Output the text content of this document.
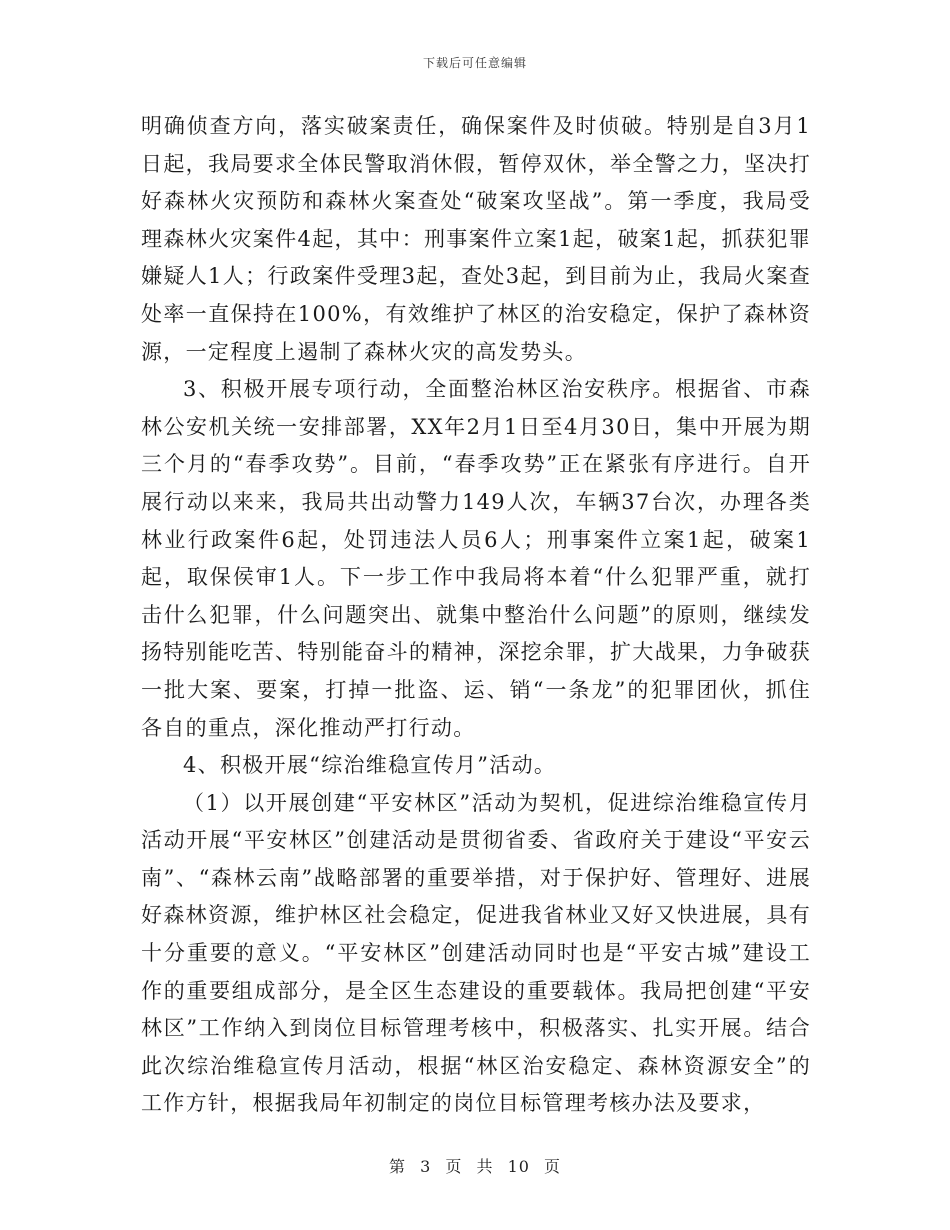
下载后可任意编辑

明确侦查方向，落实破案责任，确保案件及时侦破。特别是自3月1日起，我局要求全体民警取消休假，暂停双休，举全警之力，坚决打好森林火灾预防和森林火案查处“破案攻坚战”。第一季度，我局受理森林火灾案件4起，其中：刑事案件立案1起，破案1起，抓获犯罪嫌疑人1人；行政案件受理3起，查处3起，到目前为止，我局火案查处率一直保持在100%，有效维护了林区的治安稳定，保护了森林资源，一定程度上遏制了森林火灾的高发势头。

3、积极开展专项行动，全面整治林区治安秩序。根据省、市森林公安机关统一安排部署，XX年2月1日至4月30日，集中开展为期三个月的“春季攻势”。目前，“春季攻势”正在紧张有序进行。自开展行动以来来，我局共出动警力149人次，车辆37台次，办理各类林业行政案件6起，处罚违法人员6人；刑事案件立案1起，破案1起，取保侯审1人。下一步工作中我局将本着“什么犯罪严重，就打击什么犯罪，什么问题突出、就集中整治什么问题”的原则，继续发扬特别能吃苦、特别能奋斗的精神，深挖余罪，扩大战果，力争破获一批大案、要案，打掉一批盗、运、销“一条龙”的犯罪团伙，抓住各自的重点，深化推动严打行动。

4、积极开展“综治维稳宣传月”活动。

（1）以开展创建“平安林区”活动为契机，促进综治维稳宣传月活动开展“平安林区”创建活动是贯彻省委、省政府关于建设“平安云南”、“森林云南”战略部署的重要举措，对于保护好、管理好、进展好森林资源，维护林区社会稳定，促进我省林业又好又快进展，具有十分重要的意义。“平安林区”创建活动同时也是“平安古城”建设工作的重要组成部分，是全区生态建设的重要载体。我局把创建“平安林区”工作纳入到岗位目标管理考核中，积极落实、扎实开展。结合此次综治维稳宣传月活动，根据“林区治安稳定、森林资源安全”的工作方针，根据我局年初制定的岗位目标管理考核办法及要求，

第 3 页 共 10 页
